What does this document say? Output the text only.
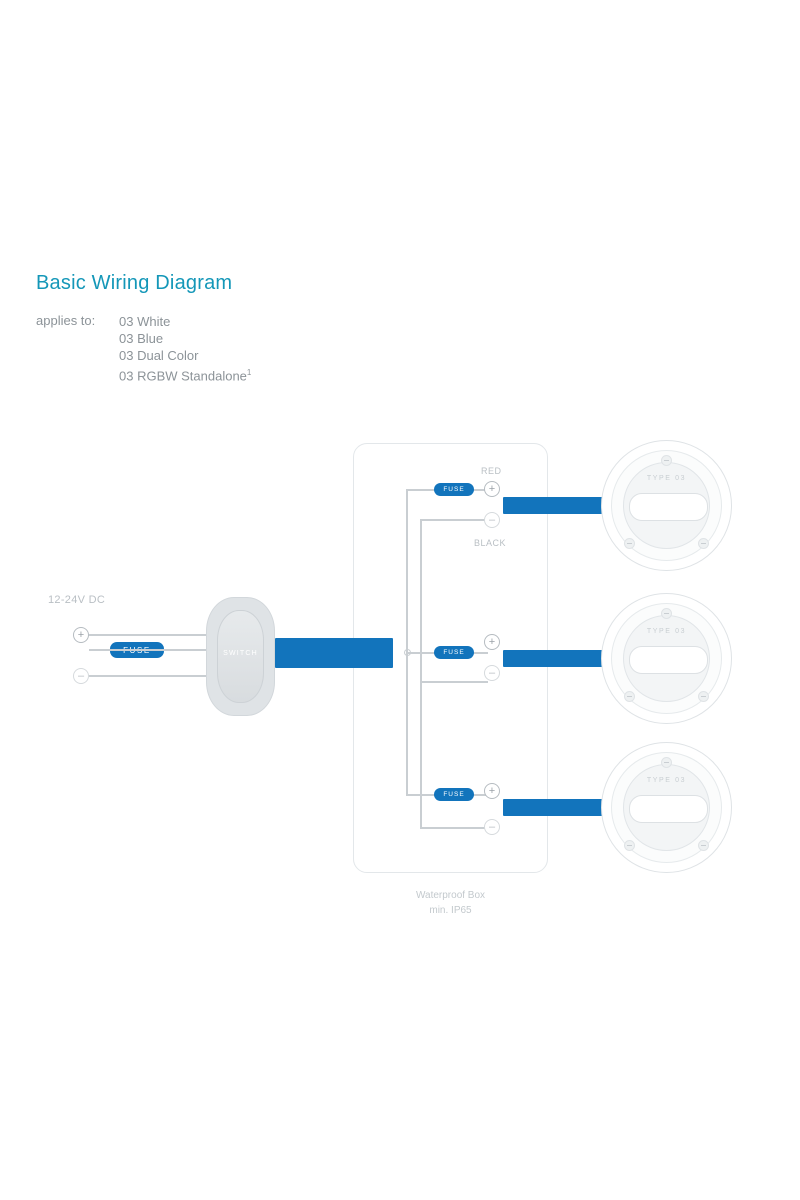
Basic Wiring Diagram
applies to: 03 White
03 Blue
03 Dual Color
03 RGBW Standalone$^1$
Waterproof Box
min. IP65
12-24V DC
+
–
SWITCH
FUSE +
–
RED
BLACK
FUSE
+
–
FUSE +
–
TYPE 03
TYPE 03
TYPE 03
